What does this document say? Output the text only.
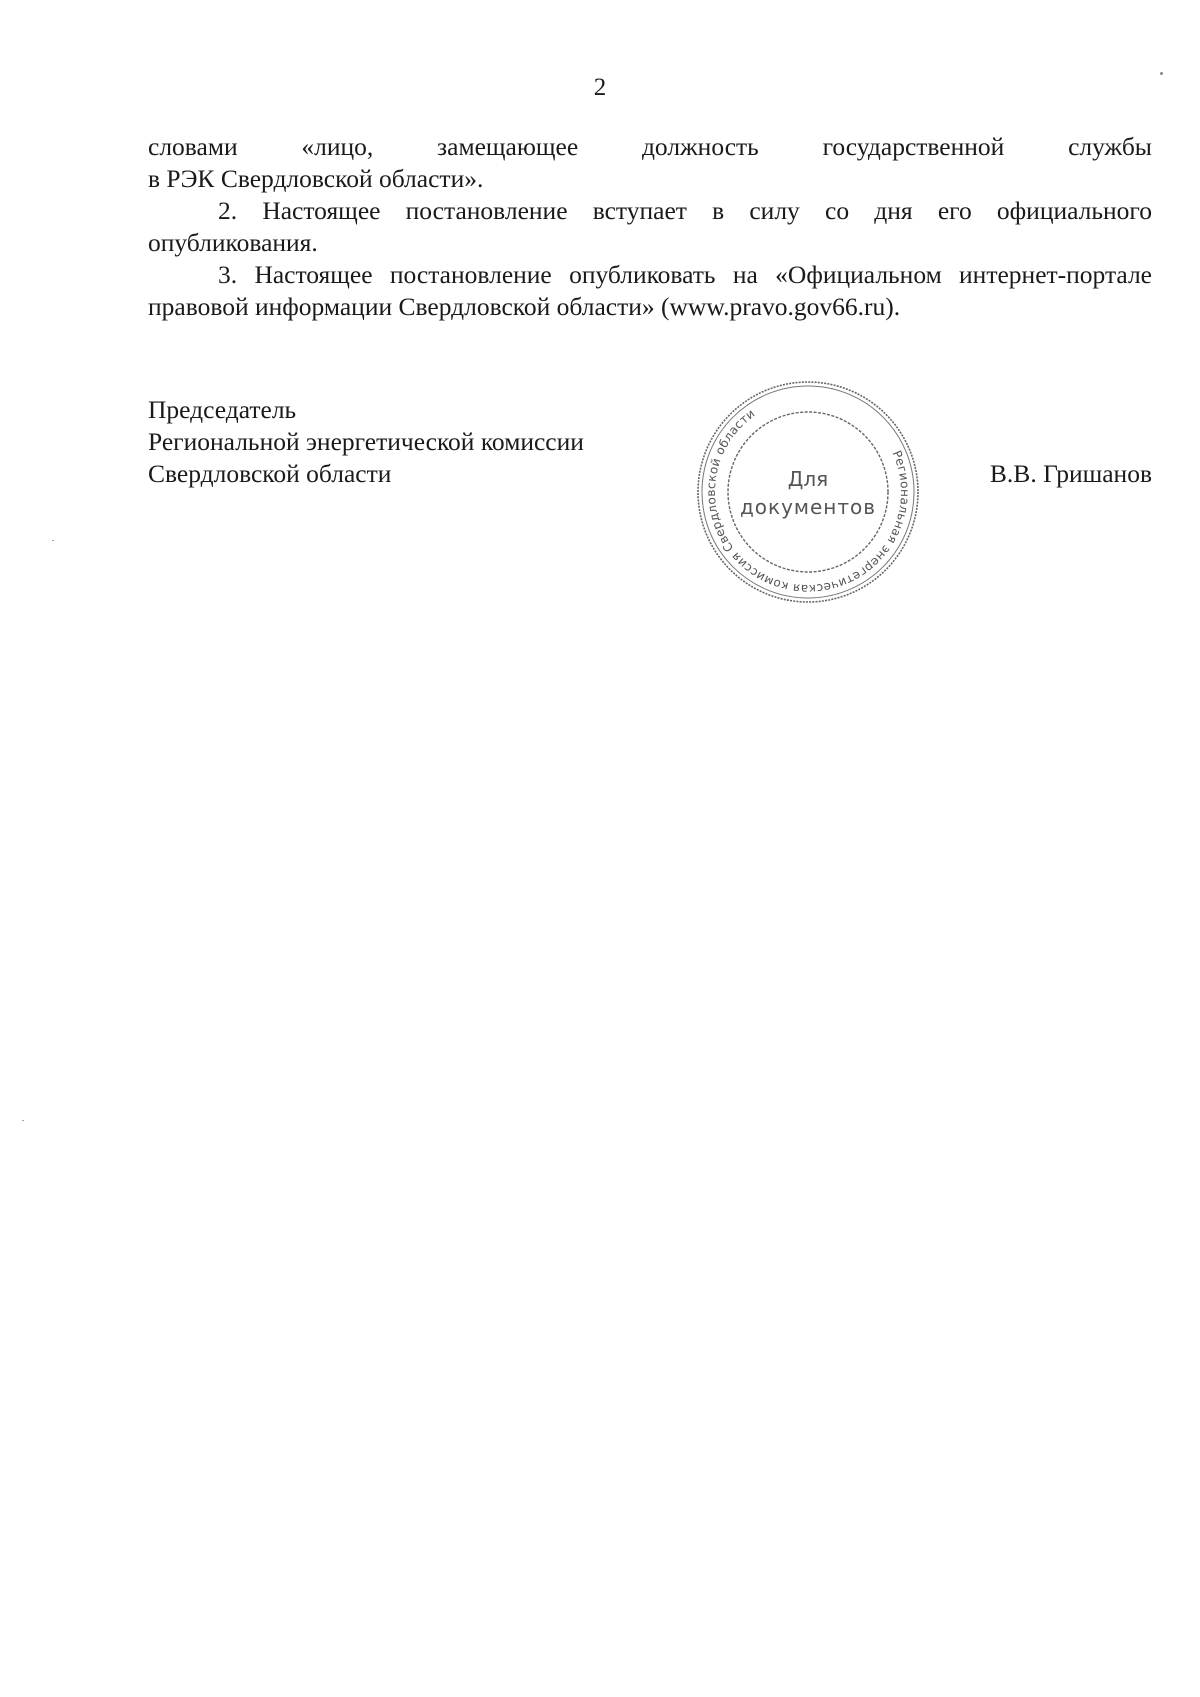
2
словами	«лицо,	замещающее	должность	государственной	службы

в РЭК Свердловской области».

2. Настоящее постановление вступает в силу со дня его официального опубликования.

3. Настоящее постановление опубликовать на «Официальном интернет-портале правовой информации Свердловской области» (www.pravo.gov66.ru).

Председатель
Региональной энергетической комиссии
Свердловской области	В.В. Гришанов
Региональная энергетическая комиссия Свердловской области
Для
документов
